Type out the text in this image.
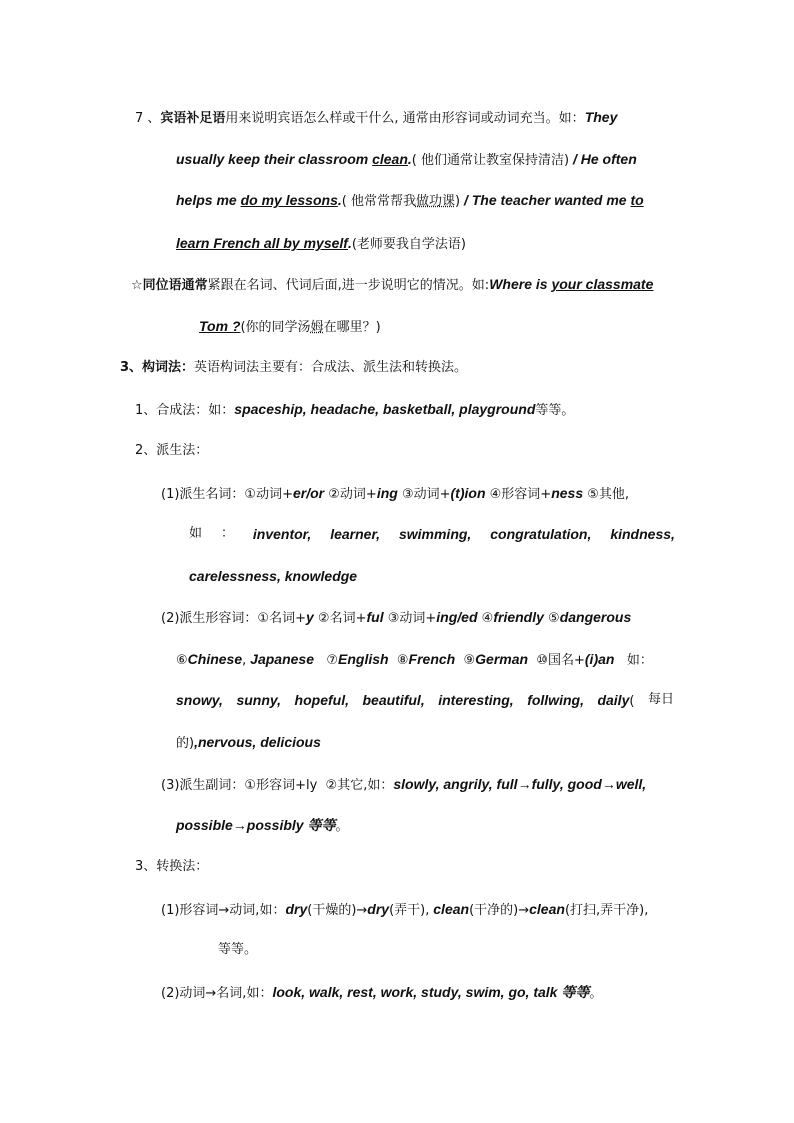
7 、宾语补足语用来说明宾语怎么样或干什么, 通常由形容词或动词充当。如：They
usually keep their classroom clean.( 他们通常让教室保持清洁) / He often
helps me do my lessons.( 他常常帮我做功课) / The teacher wanted me to
learn French all by myself.(老师要我自学法语)
☆同位语通常紧跟在名词、代词后面,进一步说明它的情况。如:Where is your classmate
Tom ?(你的同学汤姆在哪里？)
3、构词法：英语构词法主要有：合成法、派生法和转换法。
1、合成法：如：spaceship, headache, basketball, playground等等。
2、派生法：
(1)派生名词：①动词+er/or ②动词+ing ③动词+(t)ion ④形容词+ness ⑤其他,
如 ： inventor, learner, swimming, congratulation, kindness,
carelessness, knowledge
(2)派生形容词：①名词+y ②名词+ful ③动词+ing/ed ④friendly ⑤dangerous
⑥Chinese, Japanese ⑦English ⑧French ⑨German ⑩国名+(i)an 如：
snowy, sunny, hopeful, beautiful, interesting, follwing, daily( 每日
的),nervous, delicious
(3)派生副词：①形容词+ly ②其它,如：slowly, angrily, full→fully, good→well,
possible→possibly 等等。
3、转换法：
(1)形容词→动词,如：dry(干燥的)→dry(弄干), clean(干净的)→clean(打扫,弄干净),
等等。
(2)动词→名词,如：look, walk, rest, work, study, swim, go, talk 等等。
